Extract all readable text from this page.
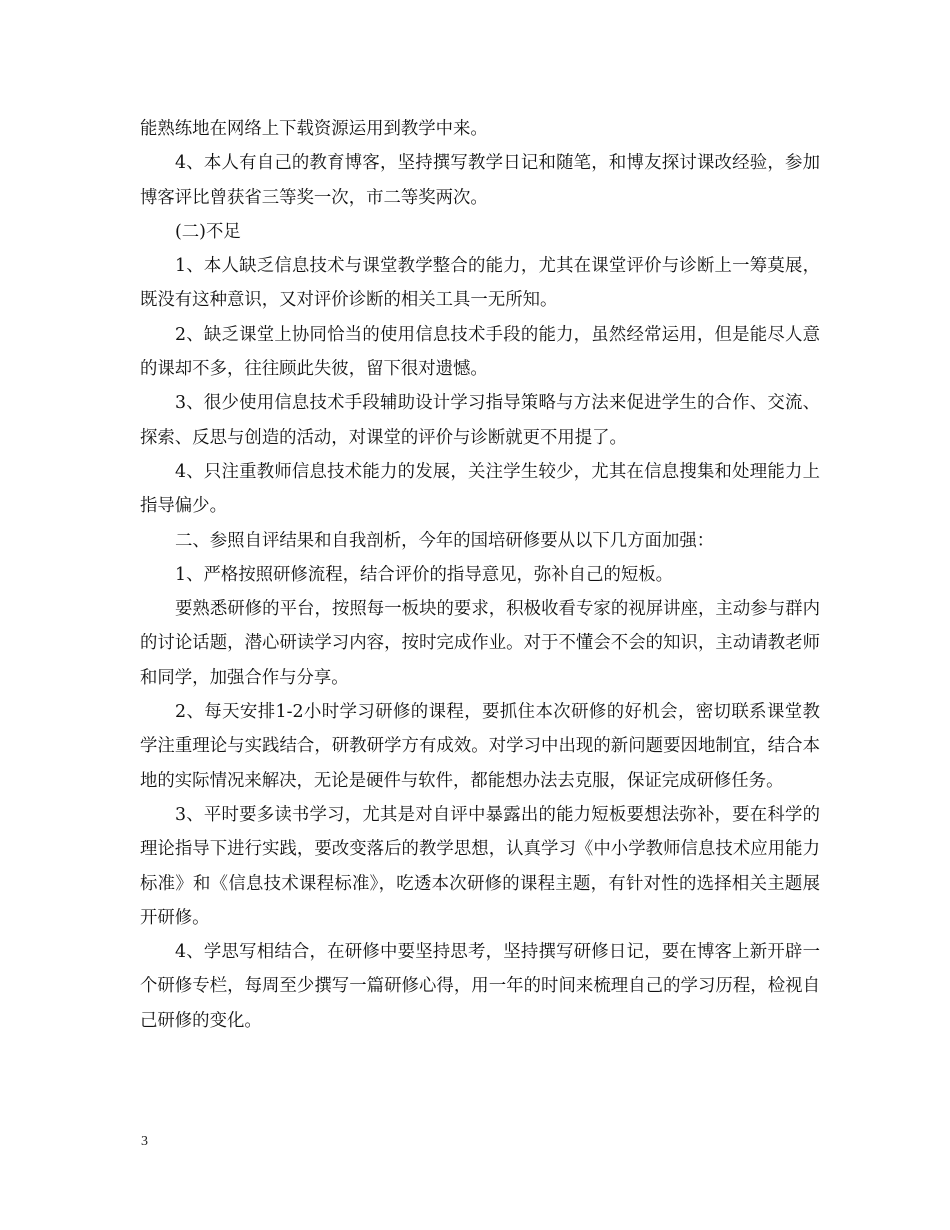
能熟练地在网络上下载资源运用到教学中来。

4、本人有自己的教育博客，坚持撰写教学日记和随笔，和博友探讨课改经验，参加博客评比曾获省三等奖一次，市二等奖两次。

(二)不足

1、本人缺乏信息技术与课堂教学整合的能力，尤其在课堂评价与诊断上一筹莫展，既没有这种意识，又对评价诊断的相关工具一无所知。

2、缺乏课堂上协同恰当的使用信息技术手段的能力，虽然经常运用，但是能尽人意的课却不多，往往顾此失彼，留下很对遗憾。

3、很少使用信息技术手段辅助设计学习指导策略与方法来促进学生的合作、交流、探索、反思与创造的活动，对课堂的评价与诊断就更不用提了。

4、只注重教师信息技术能力的发展，关注学生较少，尤其在信息搜集和处理能力上指导偏少。

二、参照自评结果和自我剖析，今年的国培研修要从以下几方面加强：

1、严格按照研修流程，结合评价的指导意见，弥补自己的短板。

要熟悉研修的平台，按照每一板块的要求，积极收看专家的视屏讲座，主动参与群内的讨论话题，潜心研读学习内容，按时完成作业。对于不懂会不会的知识，主动请教老师和同学，加强合作与分享。

2、每天安排1-2小时学习研修的课程，要抓住本次研修的好机会，密切联系课堂教学注重理论与实践结合，研教研学方有成效。对学习中出现的新问题要因地制宜，结合本地的实际情况来解决，无论是硬件与软件，都能想办法去克服，保证完成研修任务。

3、平时要多读书学习，尤其是对自评中暴露出的能力短板要想法弥补，要在科学的理论指导下进行实践，要改变落后的教学思想，认真学习《中小学教师信息技术应用能力标准》和《信息技术课程标准》，吃透本次研修的课程主题，有针对性的选择相关主题展开研修。

4、学思写相结合，在研修中要坚持思考，坚持撰写研修日记，要在博客上新开辟一个研修专栏，每周至少撰写一篇研修心得，用一年的时间来梳理自己的学习历程，检视自己研修的变化。

3
